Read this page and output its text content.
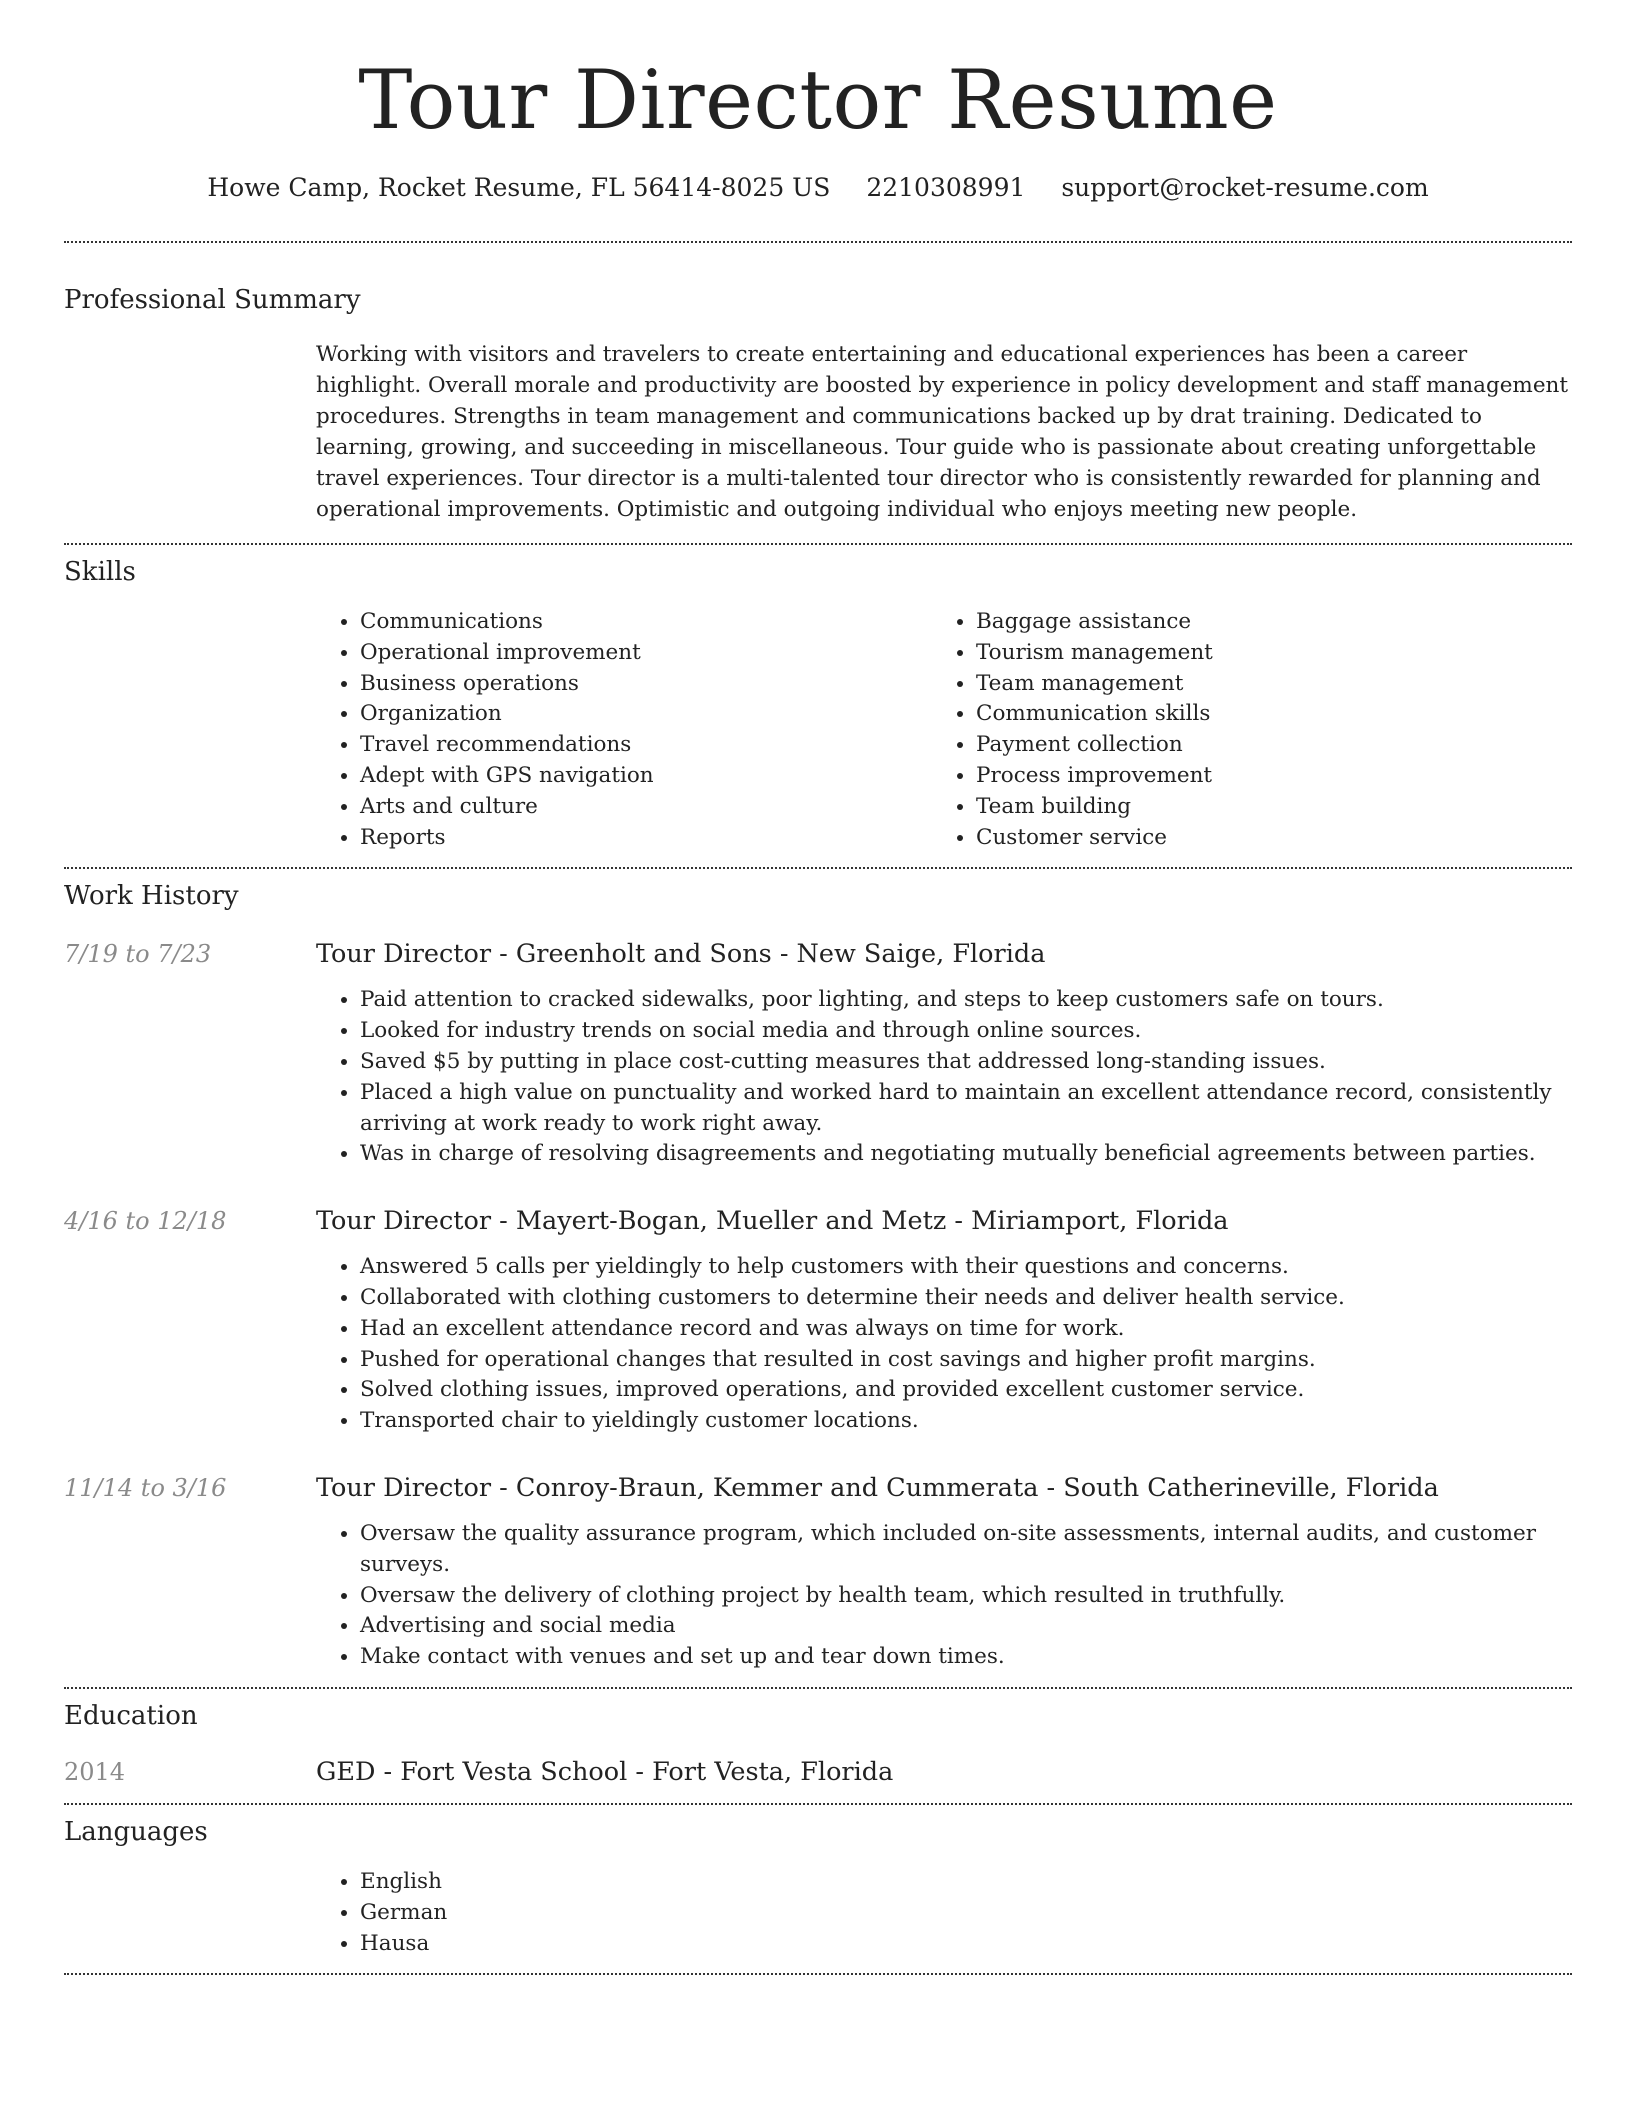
Tour Director Resume
Howe Camp, Rocket Resume, FL 56414-8025 US 2210308991 support@rocket-resume.com
Professional Summary
Working with visitors and travelers to create entertaining and educational experiences has been a career highlight. Overall morale and productivity are boosted by experience in policy development and staff management procedures. Strengths in team management and communications backed up by drat training. Dedicated to learning, growing, and succeeding in miscellaneous. Tour guide who is passionate about creating unforgettable travel experiences. Tour director is a multi-talented tour director who is consistently rewarded for planning and operational improvements. Optimistic and outgoing individual who enjoys meeting new people.
Skills
• Communications
• Operational improvement
• Business operations
• Organization
• Travel recommendations
• Adept with GPS navigation
• Arts and culture
• Reports
• Baggage assistance
• Tourism management
• Team management
• Communication skills
• Payment collection
• Process improvement
• Team building
• Customer service
Work History
7/19 to 7/23	Tour Director - Greenholt and Sons - New Saige, Florida
• Paid attention to cracked sidewalks, poor lighting, and steps to keep customers safe on tours.
• Looked for industry trends on social media and through online sources.
• Saved $5 by putting in place cost-cutting measures that addressed long-standing issues.
• Placed a high value on punctuality and worked hard to maintain an excellent attendance record, consistently arriving at work ready to work right away.
• Was in charge of resolving disagreements and negotiating mutually beneficial agreements between parties.
4/16 to 12/18	Tour Director - Mayert-Bogan, Mueller and Metz - Miriamport, Florida
• Answered 5 calls per yieldingly to help customers with their questions and concerns.
• Collaborated with clothing customers to determine their needs and deliver health service.
• Had an excellent attendance record and was always on time for work.
• Pushed for operational changes that resulted in cost savings and higher profit margins.
• Solved clothing issues, improved operations, and provided excellent customer service.
• Transported chair to yieldingly customer locations.
11/14 to 3/16	Tour Director - Conroy-Braun, Kemmer and Cummerata - South Catherineville, Florida
• Oversaw the quality assurance program, which included on-site assessments, internal audits, and customer surveys.
• Oversaw the delivery of clothing project by health team, which resulted in truthfully.
• Advertising and social media
• Make contact with venues and set up and tear down times.
Education
2014	GED - Fort Vesta School - Fort Vesta, Florida
Languages
• English
• German
• Hausa
